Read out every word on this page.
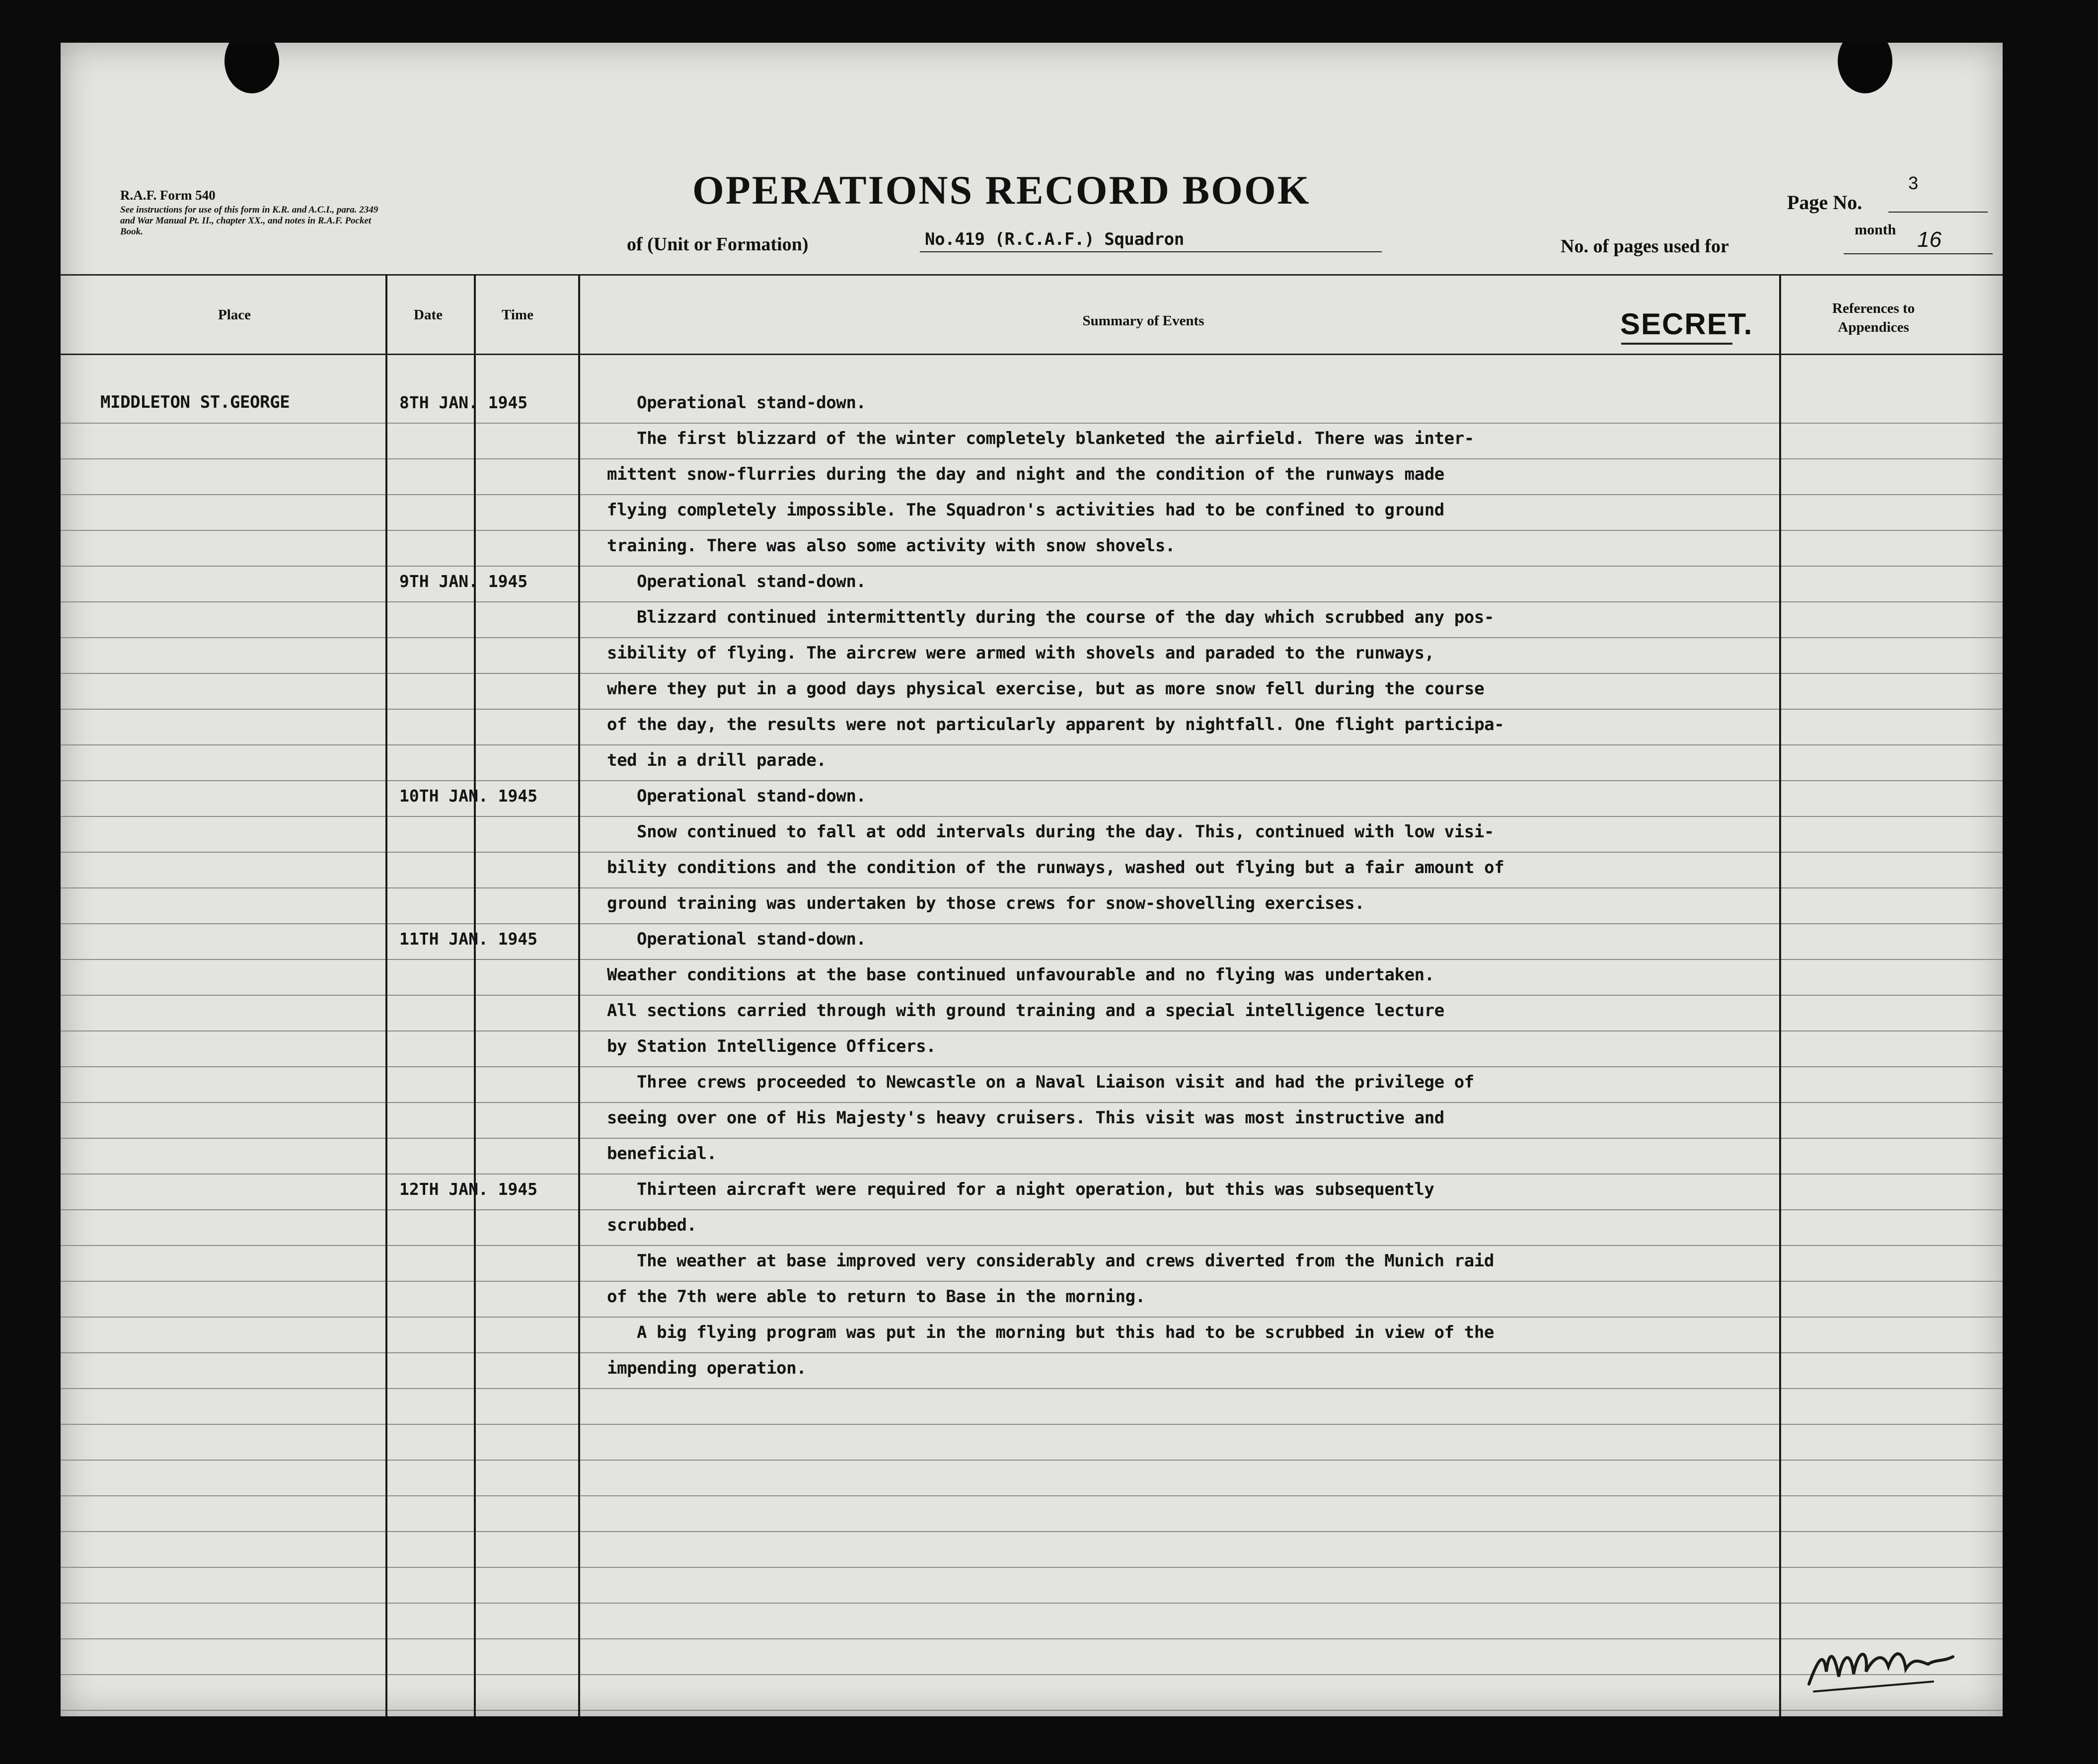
R.A.F. Form 540
See instructions for use of this form in K.R. and A.C.I., para. 2349 and War Manual Pt. II., chapter XX., and notes in R.A.F. Pocket Book.
OPERATIONS RECORD BOOK	Page No.
3
of (Unit or Formation)	No.419 (R.C.A.F.) Squadron	No. of pages used for
month 16
Place	Date	Time	Summary of Events
References to Appendices
SECRET.
MIDDLETON ST.GEORGE	8TH JAN. 1945	Operational stand-down.
The first blizzard of the winter completely blanketed the airfield. There was inter-
mittent snow-flurries during the day and night and the condition of the runways made
flying completely impossible. The Squadron's activities had to be confined to ground
training. There was also some activity with snow shovels.
9TH JAN. 1945	Operational stand-down.
Blizzard continued intermittently during the course of the day which scrubbed any pos-
sibility of flying. The aircrew were armed with shovels and paraded to the runways,
where they put in a good days physical exercise, but as more snow fell during the course
of the day, the results were not particularly apparent by nightfall. One flight participa-
ted in a drill parade.
10TH JAN. 1945	Operational stand-down.
Snow continued to fall at odd intervals during the day. This, continued with low visi-
bility conditions and the condition of the runways, washed out flying but a fair amount of
ground training was undertaken by those crews for snow-shovelling exercises.
11TH JAN. 1945	Operational stand-down.
Weather conditions at the base continued unfavourable and no flying was undertaken.
All sections carried through with ground training and a special intelligence lecture
by Station Intelligence Officers.
Three crews proceeded to Newcastle on a Naval Liaison visit and had the privilege of
seeing over one of His Majesty's heavy cruisers. This visit was most instructive and
beneficial.
12TH JAN. 1945	Thirteen aircraft were required for a night operation, but this was subsequently
scrubbed.
The weather at base improved very considerably and crews diverted from the Munich raid
of the 7th were able to return to Base in the morning.
A big flying program was put in the morning but this had to be scrubbed in view of the
impending operation.
